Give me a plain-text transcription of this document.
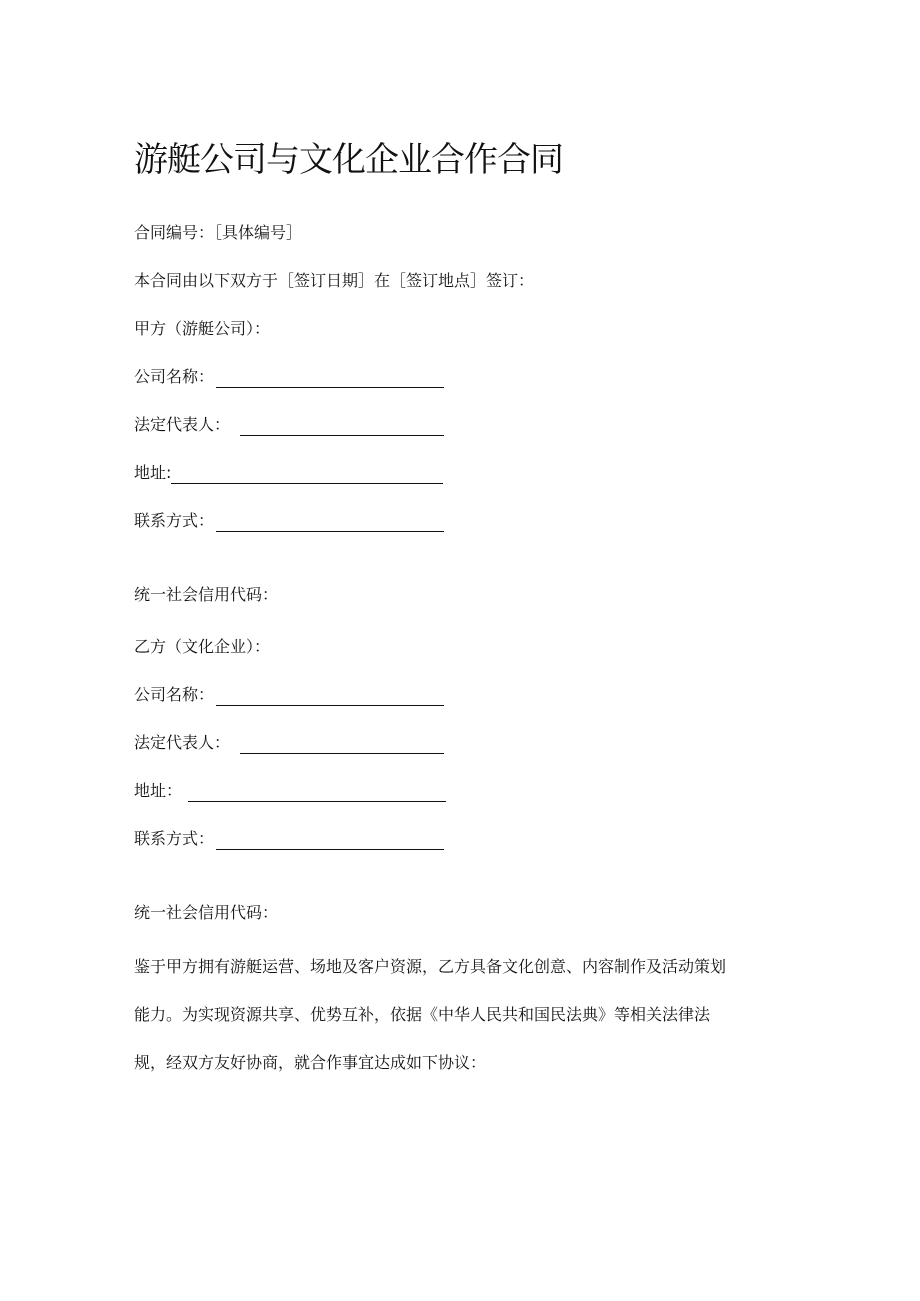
游艇公司与文化企业合作合同
合同编号：［具体编号］
本合同由以下双方于［签订日期］在［签订地点］签订：
甲方（游艇公司）：
公司名称：
法定代表人：
地址:
联系方式：
统一社会信用代码：
乙方（文化企业）：
公司名称：
法定代表人：
地址：
联系方式：
统一社会信用代码：
鉴于甲方拥有游艇运营、场地及客户资源，乙方具备文化创意、内容制作及活动策划
能力。为实现资源共享、优势互补，依据《中华人民共和国民法典》等相关法律法
规，经双方友好协商，就合作事宜达成如下协议：
